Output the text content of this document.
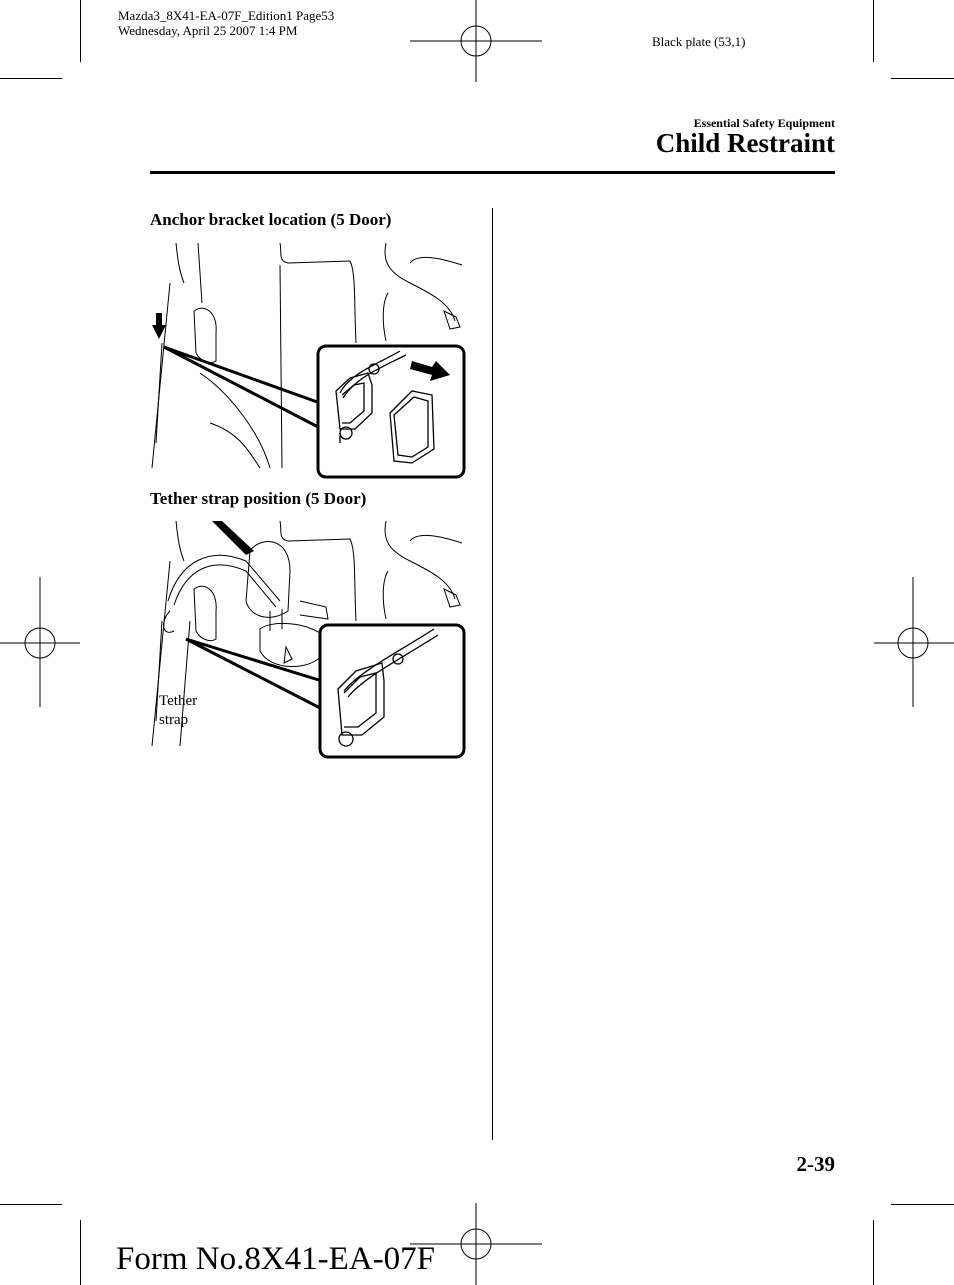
Mazda3_8X41-EA-07F_Edition1 Page53
Wednesday, April 25 2007 1:4 PM
Black plate (53,1)
Essential Safety Equipment
Child Restraint
Anchor bracket location (5 Door)
Tether strap position (5 Door)
Tether
strap
2-39
Form No.8X41-EA-07F
